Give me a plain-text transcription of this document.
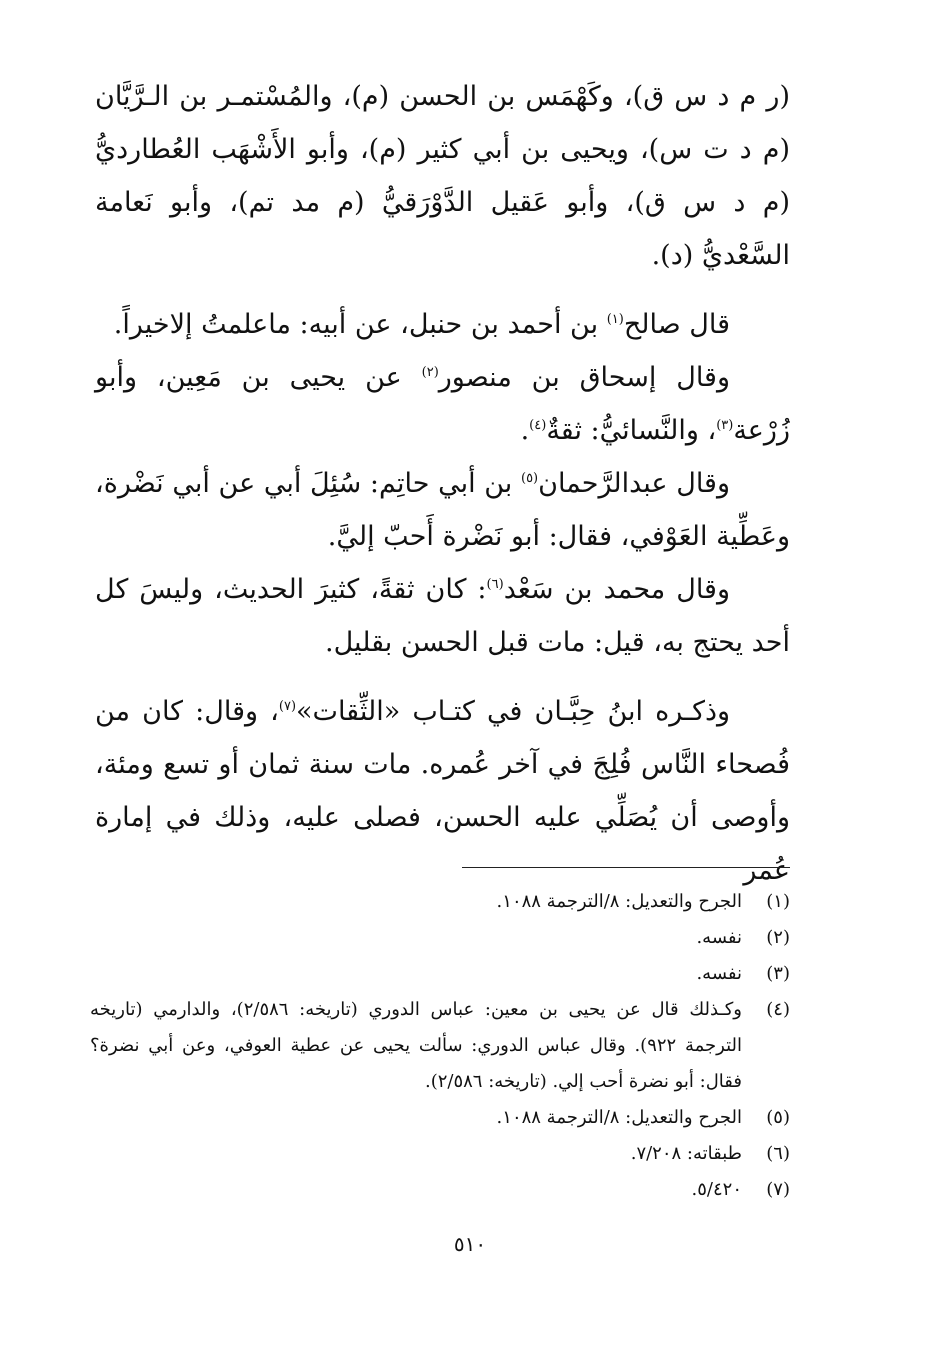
(ر م د س ق)، وكَهْمَس بن الحسن (م)، والمُسْتمـر بن الـرَّيَّان (م د ت س)، ويحيى بن أبي كثير (م)، وأبو الأَشْهَب العُطارديُّ (م د س ق)، وأبو عَقيل الدَّوْرَقيُّ (م مد تم)، وأبو نَعامة السَّعْديُّ (د).

قال صالح$^{(١)}$ بن أحمد بن حنبل، عن أبيه: ماعلمتُ إلاخيراً.

وقال إسحاق بن منصور$^{(٢)}$ عن يحيى بن مَعِين، وأبو زُرْعة$^{(٣)}$، والنَّسائيُّ: ثقةٌ$^{(٤)}$.

وقال عبدالرَّحمان$^{(٥)}$ بن أبي حاتِم: سُئِلَ أبي عن أبي نَضْرة، وعَطِّية العَوْفي، فقال: أبو نَضْرة أَحبّ إليَّ.

وقال محمد بن سَعْد$^{(٦)}$: كان ثقةً، كثيرَ الحديث، وليسَ كل أحد يحتج به، قيل: مات قبل الحسن بقليل.

وذكـره ابنُ حِبَّـان في كتـاب «الثِّقات»$^{(٧)}$، وقال: كان من فُصحاء النَّاس فُلِجَ في آخر عُمره. مات سنة ثمان أو تسع ومئة، وأوصى أن يُصَلِّي عليه الحسن، فصلى عليه، وذلك في إمارة عُمر

(١)
الجرح والتعديل: ٨/الترجمة ١٠٨٨.
(٢)
نفسه.
(٣)
نفسه.
(٤)
وكـذلك قال عن يحيى بن معين: عباس الدوري (تاريخه: ٢/٥٨٦)، والدارمي (تاريخه الترجمة ٩٢٢). وقال عباس الدوري: سألت يحيى عن عطية العوفي، وعن أبي نضرة؟ فقال: أبو نضرة أحب إلي. (تاريخه: ٢/٥٨٦).
(٥)
الجرح والتعديل: ٨/الترجمة ١٠٨٨.
(٦)
طبقاته: ٧/٢٠٨.
(٧)
٥/٤٢٠.
٥١٠
